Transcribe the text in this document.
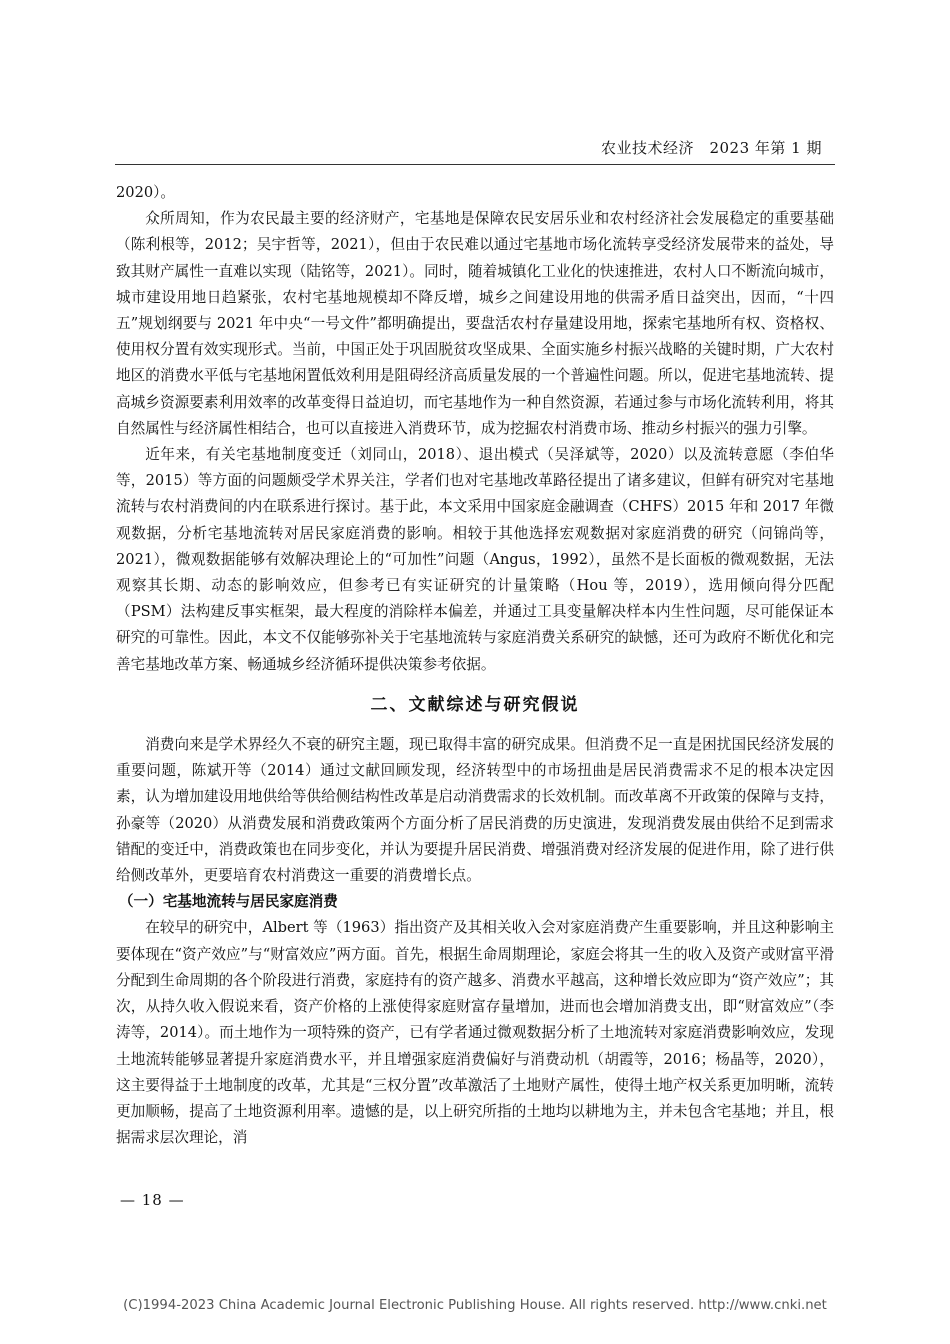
农业技术经济　2023 年第 1 期

2020）。

众所周知，作为农民最主要的经济财产，宅基地是保障农民安居乐业和农村经济社会发展稳定的重要基础（陈利根等，2012；吴宇哲等，2021），但由于农民难以通过宅基地市场化流转享受经济发展带来的益处，导致其财产属性一直难以实现（陆铭等，2021）。同时，随着城镇化工业化的快速推进，农村人口不断流向城市，城市建设用地日趋紧张，农村宅基地规模却不降反增，城乡之间建设用地的供需矛盾日益突出，因而，“十四五”规划纲要与 2021 年中央“一号文件”都明确提出，要盘活农村存量建设用地，探索宅基地所有权、资格权、使用权分置有效实现形式。当前，中国正处于巩固脱贫攻坚成果、全面实施乡村振兴战略的关键时期，广大农村地区的消费水平低与宅基地闲置低效利用是阻碍经济高质量发展的一个普遍性问题。所以，促进宅基地流转、提高城乡资源要素利用效率的改革变得日益迫切，而宅基地作为一种自然资源，若通过参与市场化流转利用，将其自然属性与经济属性相结合，也可以直接进入消费环节，成为挖掘农村消费市场、推动乡村振兴的强力引擎。

近年来，有关宅基地制度变迁（刘同山，2018）、退出模式（吴泽斌等，2020）以及流转意愿（李伯华等，2015）等方面的问题颇受学术界关注，学者们也对宅基地改革路径提出了诸多建议，但鲜有研究对宅基地流转与农村消费间的内在联系进行探讨。基于此，本文采用中国家庭金融调查（CHFS）2015 年和 2017 年微观数据，分析宅基地流转对居民家庭消费的影响。相较于其他选择宏观数据对家庭消费的研究（问锦尚等，2021），微观数据能够有效解决理论上的“可加性”问题（Angus，1992），虽然不是长面板的微观数据，无法观察其长期、动态的影响效应，但参考已有实证研究的计量策略（Hou 等，2019），选用倾向得分匹配（PSM）法构建反事实框架，最大程度的消除样本偏差，并通过工具变量解决样本内生性问题，尽可能保证本研究的可靠性。因此，本文不仅能够弥补关于宅基地流转与家庭消费关系研究的缺憾，还可为政府不断优化和完善宅基地改革方案、畅通城乡经济循环提供决策参考依据。

二、文献综述与研究假说

消费向来是学术界经久不衰的研究主题，现已取得丰富的研究成果。但消费不足一直是困扰国民经济发展的重要问题，陈斌开等（2014）通过文献回顾发现，经济转型中的市场扭曲是居民消费需求不足的根本决定因素，认为增加建设用地供给等供给侧结构性改革是启动消费需求的长效机制。而改革离不开政策的保障与支持，孙豪等（2020）从消费发展和消费政策两个方面分析了居民消费的历史演进，发现消费发展由供给不足到需求错配的变迁中，消费政策也在同步变化，并认为要提升居民消费、增强消费对经济发展的促进作用，除了进行供给侧改革外，更要培育农村消费这一重要的消费增长点。

（一）宅基地流转与居民家庭消费

在较早的研究中，Albert 等（1963）指出资产及其相关收入会对家庭消费产生重要影响，并且这种影响主要体现在“资产效应”与“财富效应”两方面。首先，根据生命周期理论，家庭会将其一生的收入及资产或财富平滑分配到生命周期的各个阶段进行消费，家庭持有的资产越多、消费水平越高，这种增长效应即为“资产效应”；其次，从持久收入假说来看，资产价格的上涨使得家庭财富存量增加，进而也会增加消费支出，即“财富效应”（李涛等，2014）。而土地作为一项特殊的资产，已有学者通过微观数据分析了土地流转对家庭消费影响效应，发现土地流转能够显著提升家庭消费水平，并且增强家庭消费偏好与消费动机（胡霞等，2016；杨晶等，2020），这主要得益于土地制度的改革，尤其是“三权分置”改革激活了土地财产属性，使得土地产权关系更加明晰，流转更加顺畅，提高了土地资源利用率。遗憾的是，以上研究所指的土地均以耕地为主，并未包含宅基地；并且，根据需求层次理论，消

— 18 —
(C)1994-2023 China Academic Journal Electronic Publishing House. All rights reserved. http://www.cnki.net
